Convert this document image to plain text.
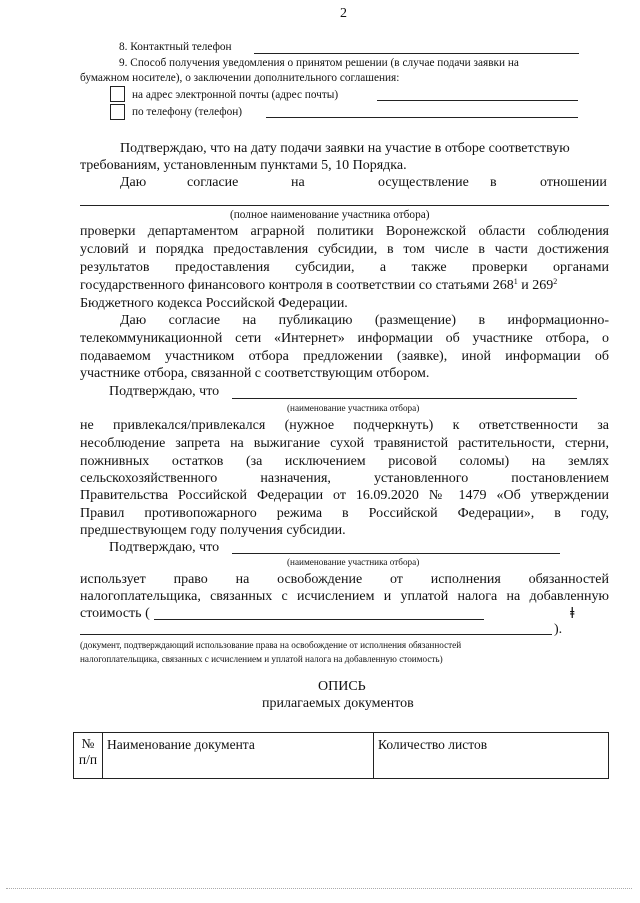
2
8. Контактный телефон
9. Способ получения уведомления о принятом решении (в случае подачи заявки на
бумажном носителе), о заключении дополнительного соглашения:
на адрес электронной почты (адрес почты)
по телефону (телефон)
Подтверждаю, что на дату подачи заявки на участие в отборе соответствую
требованиям, установленным пунктами 5, 10 Порядка.
Даю	согласие	на	осуществление в	отношении
(полное наименование участника отбора)
проверки департаментом аграрной политики Воронежской области соблюдения
условий и порядка предоставления субсидии, в том числе в части достижения
результатов предоставления субсидии, а также проверки органами
государственного финансового контроля в соответствии со статьями $268^1$ и $269^2$
Бюджетного кодекса Российской Федерации.
Даю согласие на публикацию (размещение) в информационно-
телекоммуникационной сети «Интернет» информации об участнике отбора, о
подаваемом участником отбора предложении (заявке), иной информации об
участнике отбора, связанной с соответствующим отбором.
Подтверждаю, что
(наименование участника отбора)
не привлекался/привлекался (нужное подчеркнуть) к ответственности за
несоблюдение запрета на выжигание сухой травянистой растительности, стерни,
пожнивных остатков (за исключением рисовой соломы) на землях
сельскохозяйственного назначения, установленного постановлением
Правительства Российской Федерации от 16.09.2020 № 1479 «Об утверждении
Правил противопожарного режима в Российской Федерации», в году,
предшествующем году получения субсидии.
Подтверждаю, что
(наименование участника отбора)
использует право на освобождение от исполнения обязанностей
налогоплательщика, связанных с исчислением и уплатой налога на добавленную
стоимость (	ǂ
).
(документ, подтверждающий использование права на освобождение от исполнения обязанностей
налогоплательщика, связанных с исчислением и уплатой налога на добавленную стоимость)
ОПИСЬ
прилагаемых документов
№
п/п
	Наименование документа	Количество листов
